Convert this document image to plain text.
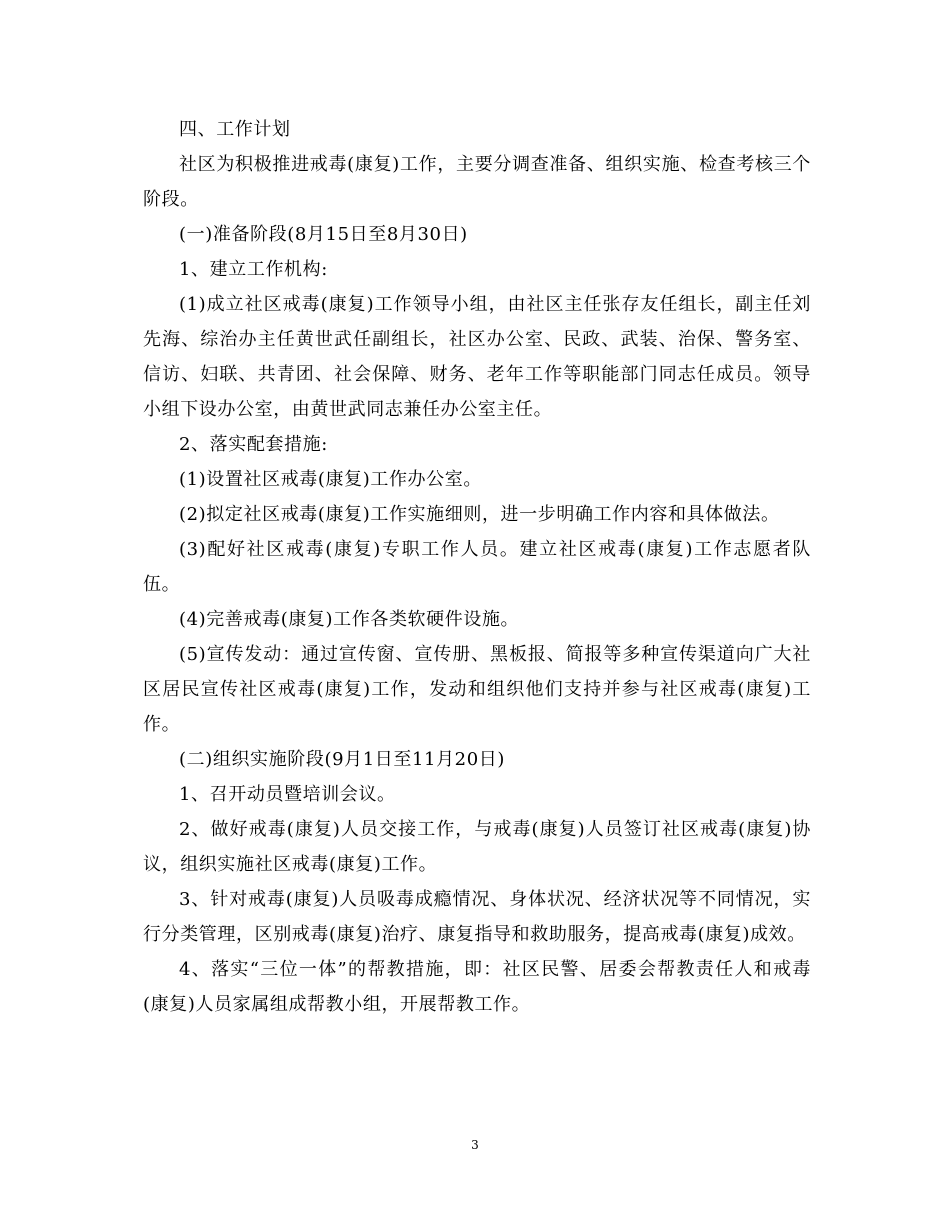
四、工作计划

社区为积极推进戒毒(康复)工作，主要分调查准备、组织实施、检查考核三个阶段。

(一)准备阶段(8月15日至8月30日)

1、建立工作机构:

(1)成立社区戒毒(康复)工作领导小组，由社区主任张存友任组长，副主任刘先海、综治办主任黄世武任副组长，社区办公室、民政、武装、治保、警务室、信访、妇联、共青团、社会保障、财务、老年工作等职能部门同志任成员。领导小组下设办公室，由黄世武同志兼任办公室主任。

2、落实配套措施:

(1)设置社区戒毒(康复)工作办公室。

(2)拟定社区戒毒(康复)工作实施细则，进一步明确工作内容和具体做法。

(3)配好社区戒毒(康复)专职工作人员。建立社区戒毒(康复)工作志愿者队伍。

(4)完善戒毒(康复)工作各类软硬件设施。

(5)宣传发动：通过宣传窗、宣传册、黑板报、简报等多种宣传渠道向广大社区居民宣传社区戒毒(康复)工作，发动和组织他们支持并参与社区戒毒(康复)工作。

(二)组织实施阶段(9月1日至11月20日)

1、召开动员暨培训会议。

2、做好戒毒(康复)人员交接工作，与戒毒(康复)人员签订社区戒毒(康复)协议，组织实施社区戒毒(康复)工作。

3、针对戒毒(康复)人员吸毒成瘾情况、身体状况、经济状况等不同情况，实行分类管理，区别戒毒(康复)治疗、康复指导和救助服务，提高戒毒(康复)成效。

4、落实“三位一体”的帮教措施，即：社区民警、居委会帮教责任人和戒毒(康复)人员家属组成帮教小组，开展帮教工作。

3
